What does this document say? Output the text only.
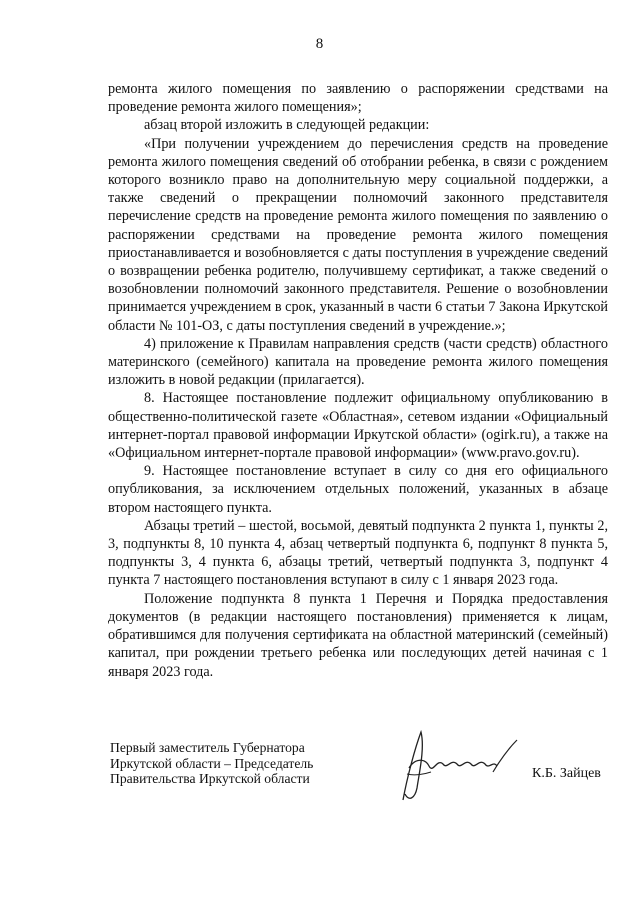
8

ремонта жилого помещения по заявлению о распоряжении средствами на проведение ремонта жилого помещения»;

абзац второй изложить в следующей редакции:

«При получении учреждением до перечисления средств на проведение ремонта жилого помещения сведений об отобрании ребенка, в связи с рождением которого возникло право на дополнительную меру социальной поддержки, а также сведений о прекращении полномочий законного представителя перечисление средств на проведение ремонта жилого помещения по заявлению о распоряжении средствами на проведение ремонта жилого помещения приостанавливается и возобновляется с даты поступления в учреждение сведений о возвращении ребенка родителю, получившему сертификат, а также сведений о возобновлении полномочий законного представителя. Решение о возобновлении принимается учреждением в срок, указанный в части 6 статьи 7 Закона Иркутской области № 101-ОЗ, с даты поступления сведений в учреждение.»;

4) приложение к Правилам направления средств (части средств) областного материнского (семейного) капитала на проведение ремонта жилого помещения изложить в новой редакции (прилагается).

8. Настоящее постановление подлежит официальному опубликованию в общественно-политической газете «Областная», сетевом издании «Официальный интернет-портал правовой информации Иркутской области» (ogirk.ru), а также на «Официальном интернет-портале правовой информации» (www.pravo.gov.ru).

9. Настоящее постановление вступает в силу со дня его официального опубликования, за исключением отдельных положений, указанных в абзаце втором настоящего пункта.

Абзацы третий – шестой, восьмой, девятый подпункта 2 пункта 1, пункты 2, 3, подпункты 8, 10 пункта 4, абзац четвертый подпункта 6, подпункт 8 пункта 5, подпункты 3, 4 пункта 6, абзацы третий, четвертый подпункта 3, подпункт 4 пункта 7 настоящего постановления вступают в силу с 1 января 2023 года.

Положение подпункта 8 пункта 1 Перечня и Порядка предоставления документов (в редакции настоящего постановления) применяется к лицам, обратившимся для получения сертификата на областной материнский (семейный) капитал, при рождении третьего ребенка или последующих детей начиная с 1 января 2023 года.

Первый заместитель Губернатора
Иркутской области – Председатель
Правительства Иркутской области	К.Б. Зайцев
